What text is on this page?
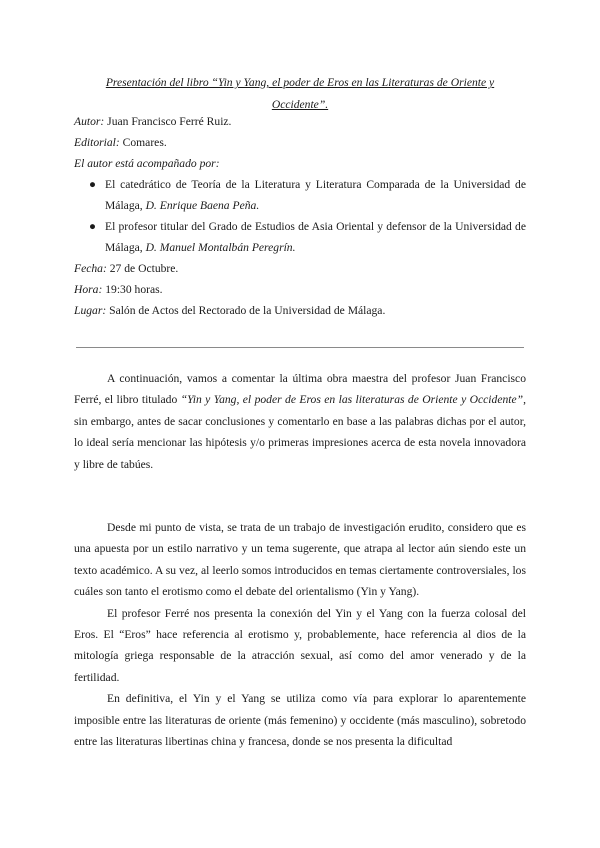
Presentación del libro “Yin y Yang, el poder de Eros en las Literaturas de Oriente y
Occidente”.

Autor: Juan Francisco Ferré Ruiz.

Editorial: Comares.

El autor está acompañado por:

● El catedrático de Teoría de la Literatura y Literatura Comparada de la Universidad de Málaga, D. Enrique Baena Peña.
● El profesor titular del Grado de Estudios de Asia Oriental y defensor de la Universidad de Málaga, D. Manuel Montalbán Peregrín.

Fecha: 27 de Octubre.

Hora: 19:30 horas.

Lugar: Salón de Actos del Rectorado de la Universidad de Málaga.

A continuación, vamos a comentar la última obra maestra del profesor Juan Francisco Ferré, el libro titulado “Yin y Yang, el poder de Eros en las literaturas de Oriente y Occidente”, sin embargo, antes de sacar conclusiones y comentarlo en base a las palabras dichas por el autor, lo ideal sería mencionar las hipótesis y/o primeras impresiones acerca de esta novela innovadora y libre de tabúes.

Desde mi punto de vista, se trata de un trabajo de investigación erudito, considero que es una apuesta por un estilo narrativo y un tema sugerente, que atrapa al lector aún siendo este un texto académico. A su vez, al leerlo somos introducidos en temas ciertamente controversiales, los cuáles son tanto el erotismo como el debate del orientalismo (Yin y Yang).

El profesor Ferré nos presenta la conexión del Yin y el Yang con la fuerza colosal del Eros. El “Eros” hace referencia al erotismo y, probablemente, hace referencia al dios de la mitología griega responsable de la atracción sexual, así como del amor venerado y de la fertilidad.

En definitiva, el Yin y el Yang se utiliza como vía para explorar lo aparentemente imposible entre las literaturas de oriente (más femenino) y occidente (más masculino), sobretodo entre las literaturas libertinas china y francesa, donde se nos presenta la dificultad
